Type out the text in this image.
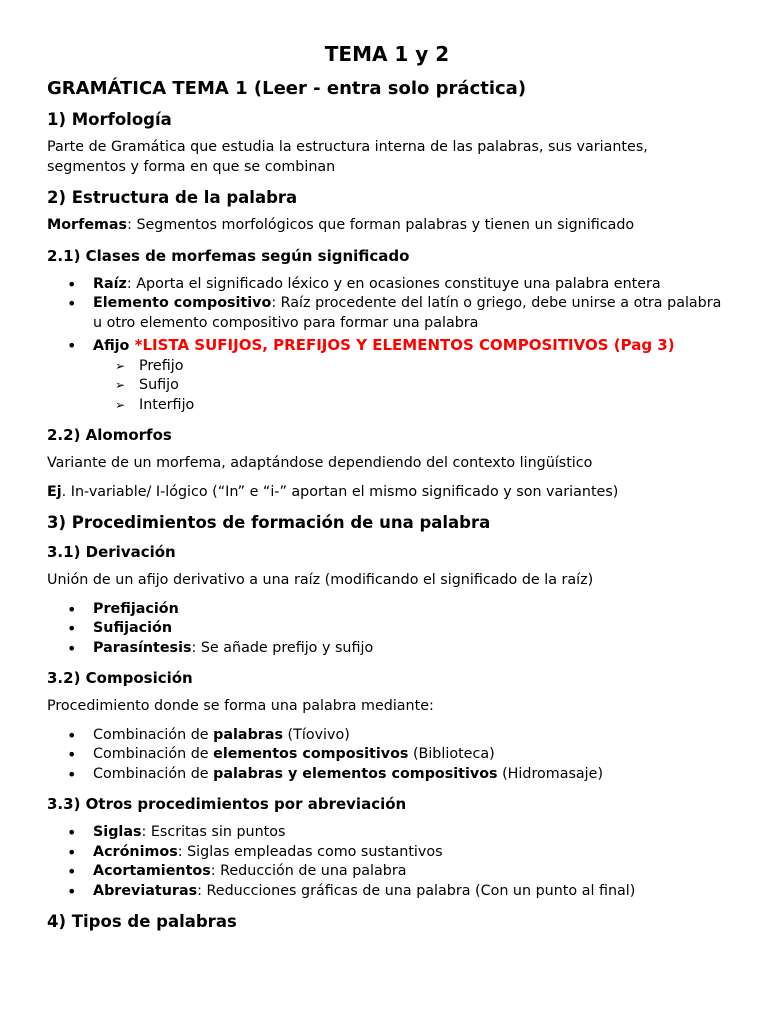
TEMA 1 y 2
GRAMÁTICA TEMA 1 (Leer - entra solo práctica)
1) Morfología

Parte de Gramática que estudia la estructura interna de las palabras, sus variantes, segmentos y forma en que se combinan

2) Estructura de la palabra

Morfemas: Segmentos morfológicos que forman palabras y tienen un significado

2.1) Clases de morfemas según significado
• Raíz: Aporta el significado léxico y en ocasiones constituye una palabra entera
• Elemento compositivo: Raíz procedente del latín o griego, debe unirse a otra palabra u otro elemento compositivo para formar una palabra
• Afijo *LISTA SUFIJOS, PREFIJOS Y ELEMENTOS COMPOSITIVOS (Pag 3)
➢ Prefijo
➢ Sufijo
➢ Interfijo
2.2) Alomorfos

Variante de un morfema, adaptándose dependiendo del contexto lingüístico

Ej. In-variable/ I-lógico (“In” e “i-” aportan el mismo significado y son variantes)

3) Procedimientos de formación de una palabra
3.1) Derivación

Unión de un afijo derivativo a una raíz (modificando el significado de la raíz)

• Prefijación
• Sufijación
• Parasíntesis: Se añade prefijo y sufijo
3.2) Composición

Procedimiento donde se forma una palabra mediante:

• Combinación de palabras (Tíovivo)
• Combinación de elementos compositivos (Biblioteca)
• Combinación de palabras y elementos compositivos (Hidromasaje)
3.3) Otros procedimientos por abreviación
• Siglas: Escritas sin puntos
• Acrónimos: Siglas empleadas como sustantivos
• Acortamientos: Reducción de una palabra
• Abreviaturas: Reducciones gráficas de una palabra (Con un punto al final)
4) Tipos de palabras
